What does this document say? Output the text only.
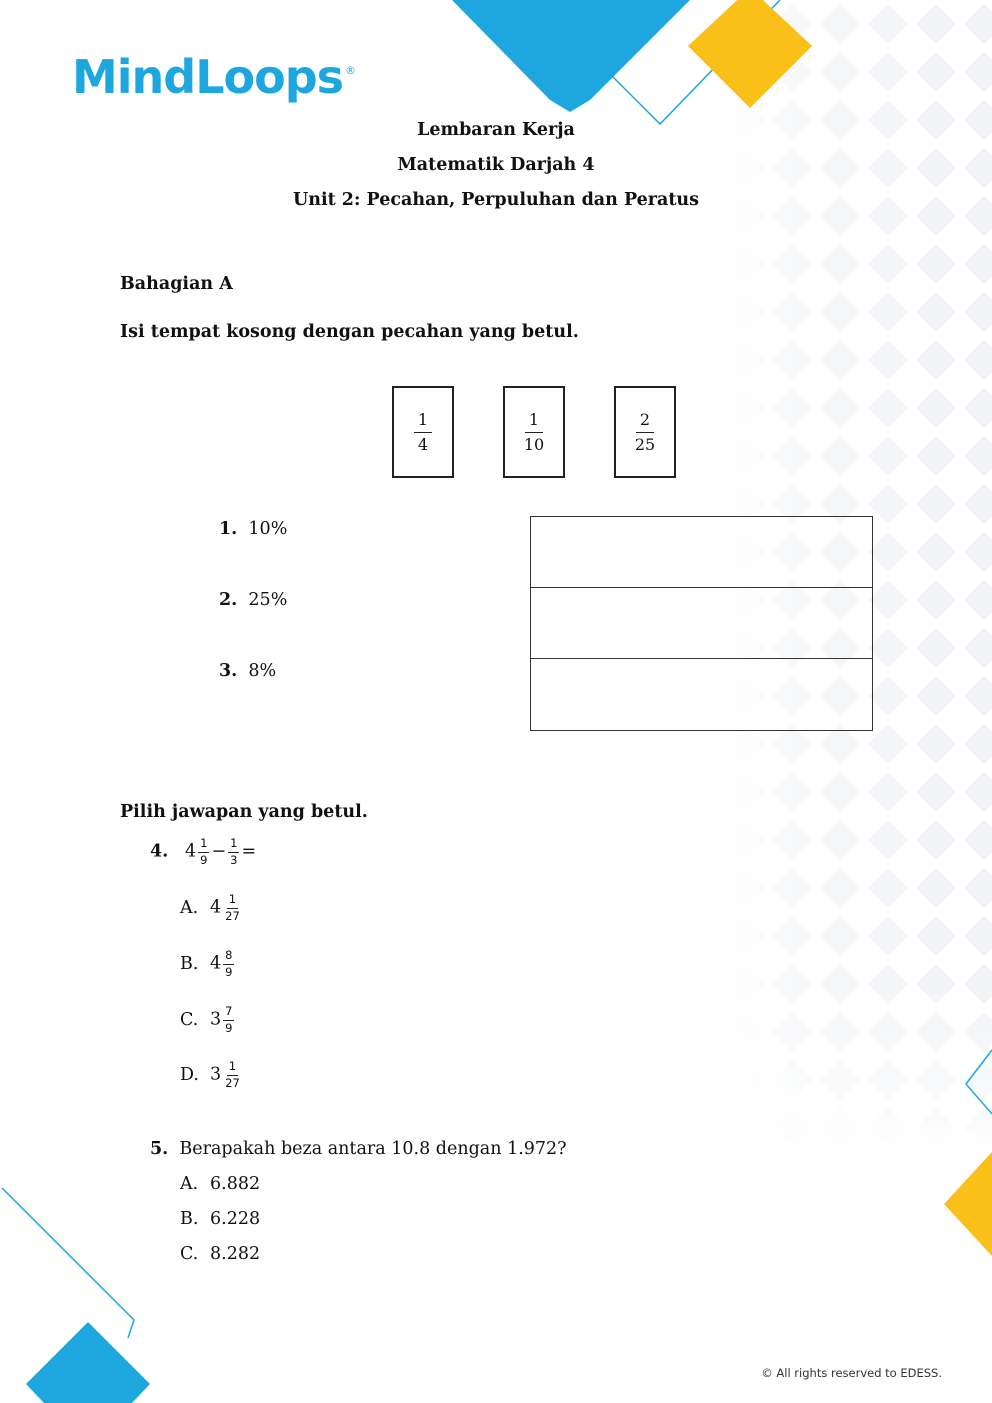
MindLoops ®
Lembaran Kerja
Matematik Darjah 4
Unit 2: Pecahan, Perpuluhan dan Peratus
Bahagian A
Isi tempat kosong dengan pecahan yang betul.
$\frac{1}{4}$	$\frac{1}{10}$	$\frac{2}{25}$
1. 10%
2. 25%
3. 8%
Pilih jawapan yang betul.
4. $4 \frac{1}{9} - \frac{1}{3}$ =
A. $4 \frac{1}{27}$
B. $4 \frac{8}{9}$
C. $3 \frac{7}{9}$
D. $3 \frac{1}{27}$
5. Berapakah beza antara 10.8 dengan 1.972?
A. 6.882
B. 6.228
C. 8.282
© All rights reserved to EDESS.
